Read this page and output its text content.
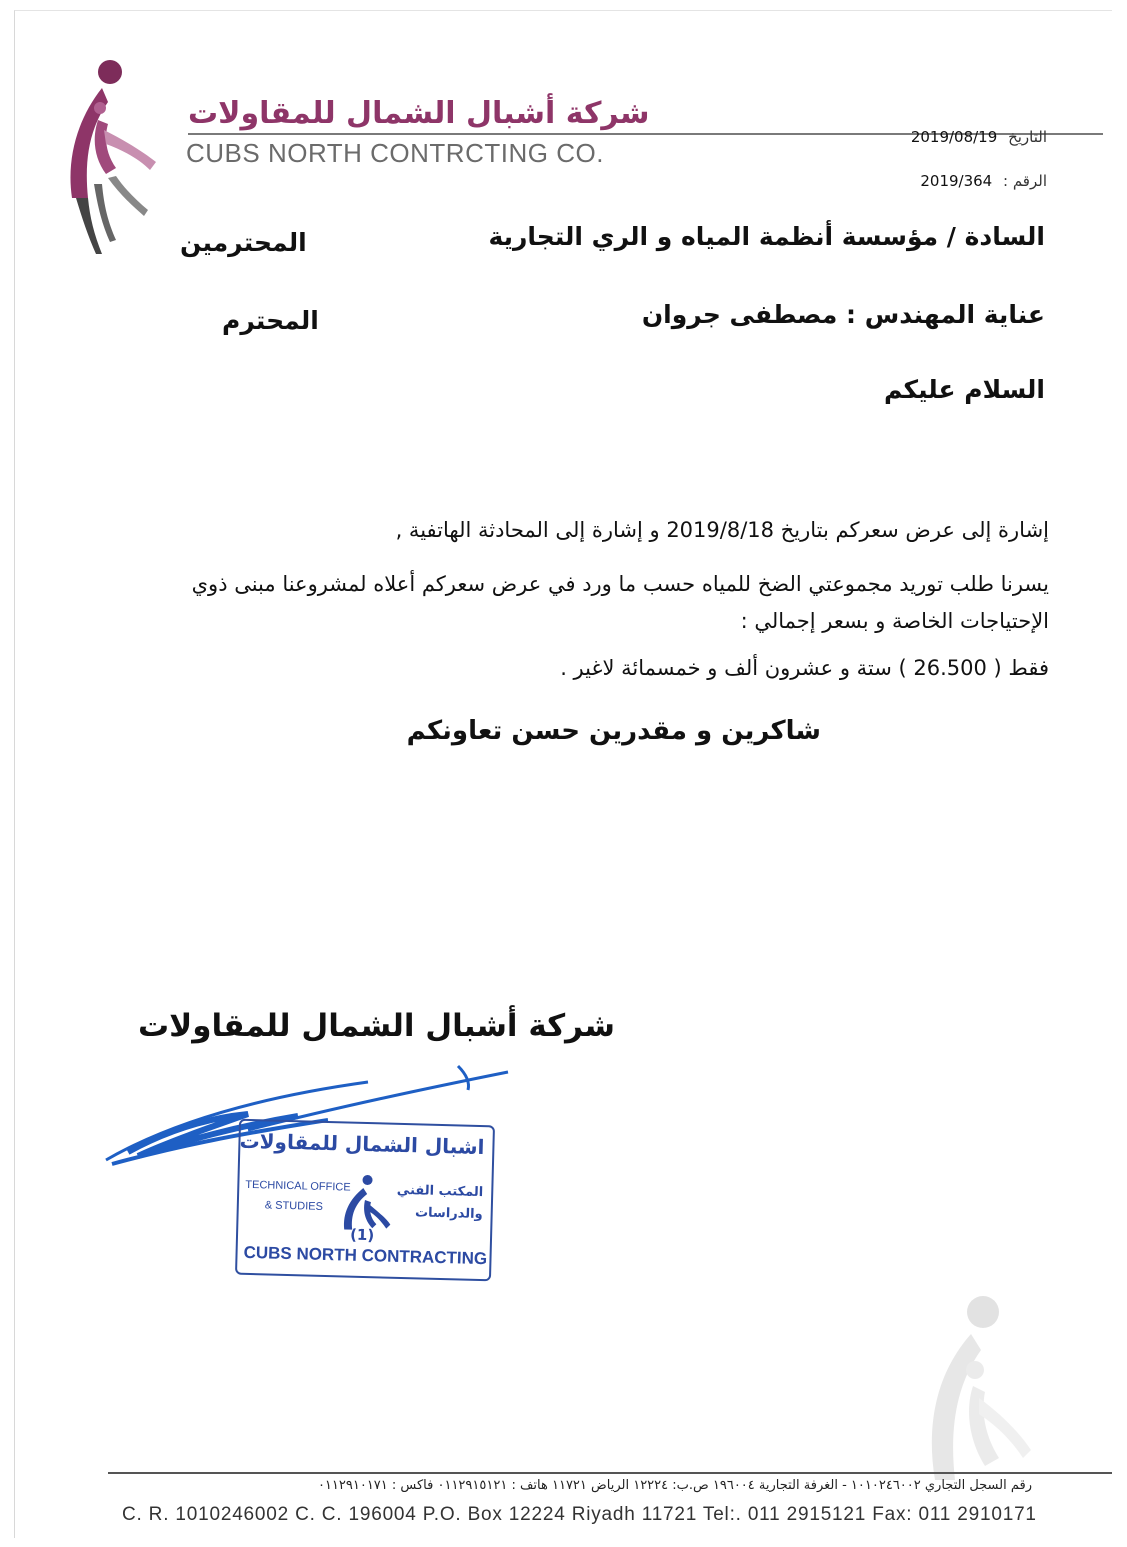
شركة أشبال الشمال للمقاولات
CUBS NORTH CONTRCTING CO.
التاريخ 2019/08/19
الرقم : 2019/364
السادة / مؤسسة أنظمة المياه و الري التجارية
المحترمين
عناية المهندس : مصطفى جروان
المحترم
السلام عليكم
إشارة إلى عرض سعركم بتاريخ 2019/8/18 و إشارة إلى المحادثة الهاتفية ,
يسرنا طلب توريد مجموعتي الضخ للمياه حسب ما ورد في عرض سعركم أعلاه لمشروعنا مبنى ذوي الإحتياجات الخاصة و بسعر إجمالي :
فقط ( 26.500 ) ستة و عشرون ألف و خمسمائة لاغير .
شاكرين و مقدرين حسن تعاونكم
شركة أشبال الشمال للمقاولات
اشبال الشمال للمقاولات
TECHNICAL OFFICE
& STUDIES
المكتب الفني
والدراسات
(1)
CUBS NORTH CONTRACTING
رقم السجل التجاري ١٠١٠٢٤٦٠٠٢ - الغرفة التجارية ١٩٦٠٠٤ ص.ب: ١٢٢٢٤ الرياض ١١٧٢١ هاتف : ٠١١٢٩١٥١٢١ فاكس : ٠١١٢٩١٠١٧١
C. R. 1010246002 C. C. 196004 P.O. Box 12224 Riyadh 11721 Tel:. 011 2915121 Fax: 011 2910171
